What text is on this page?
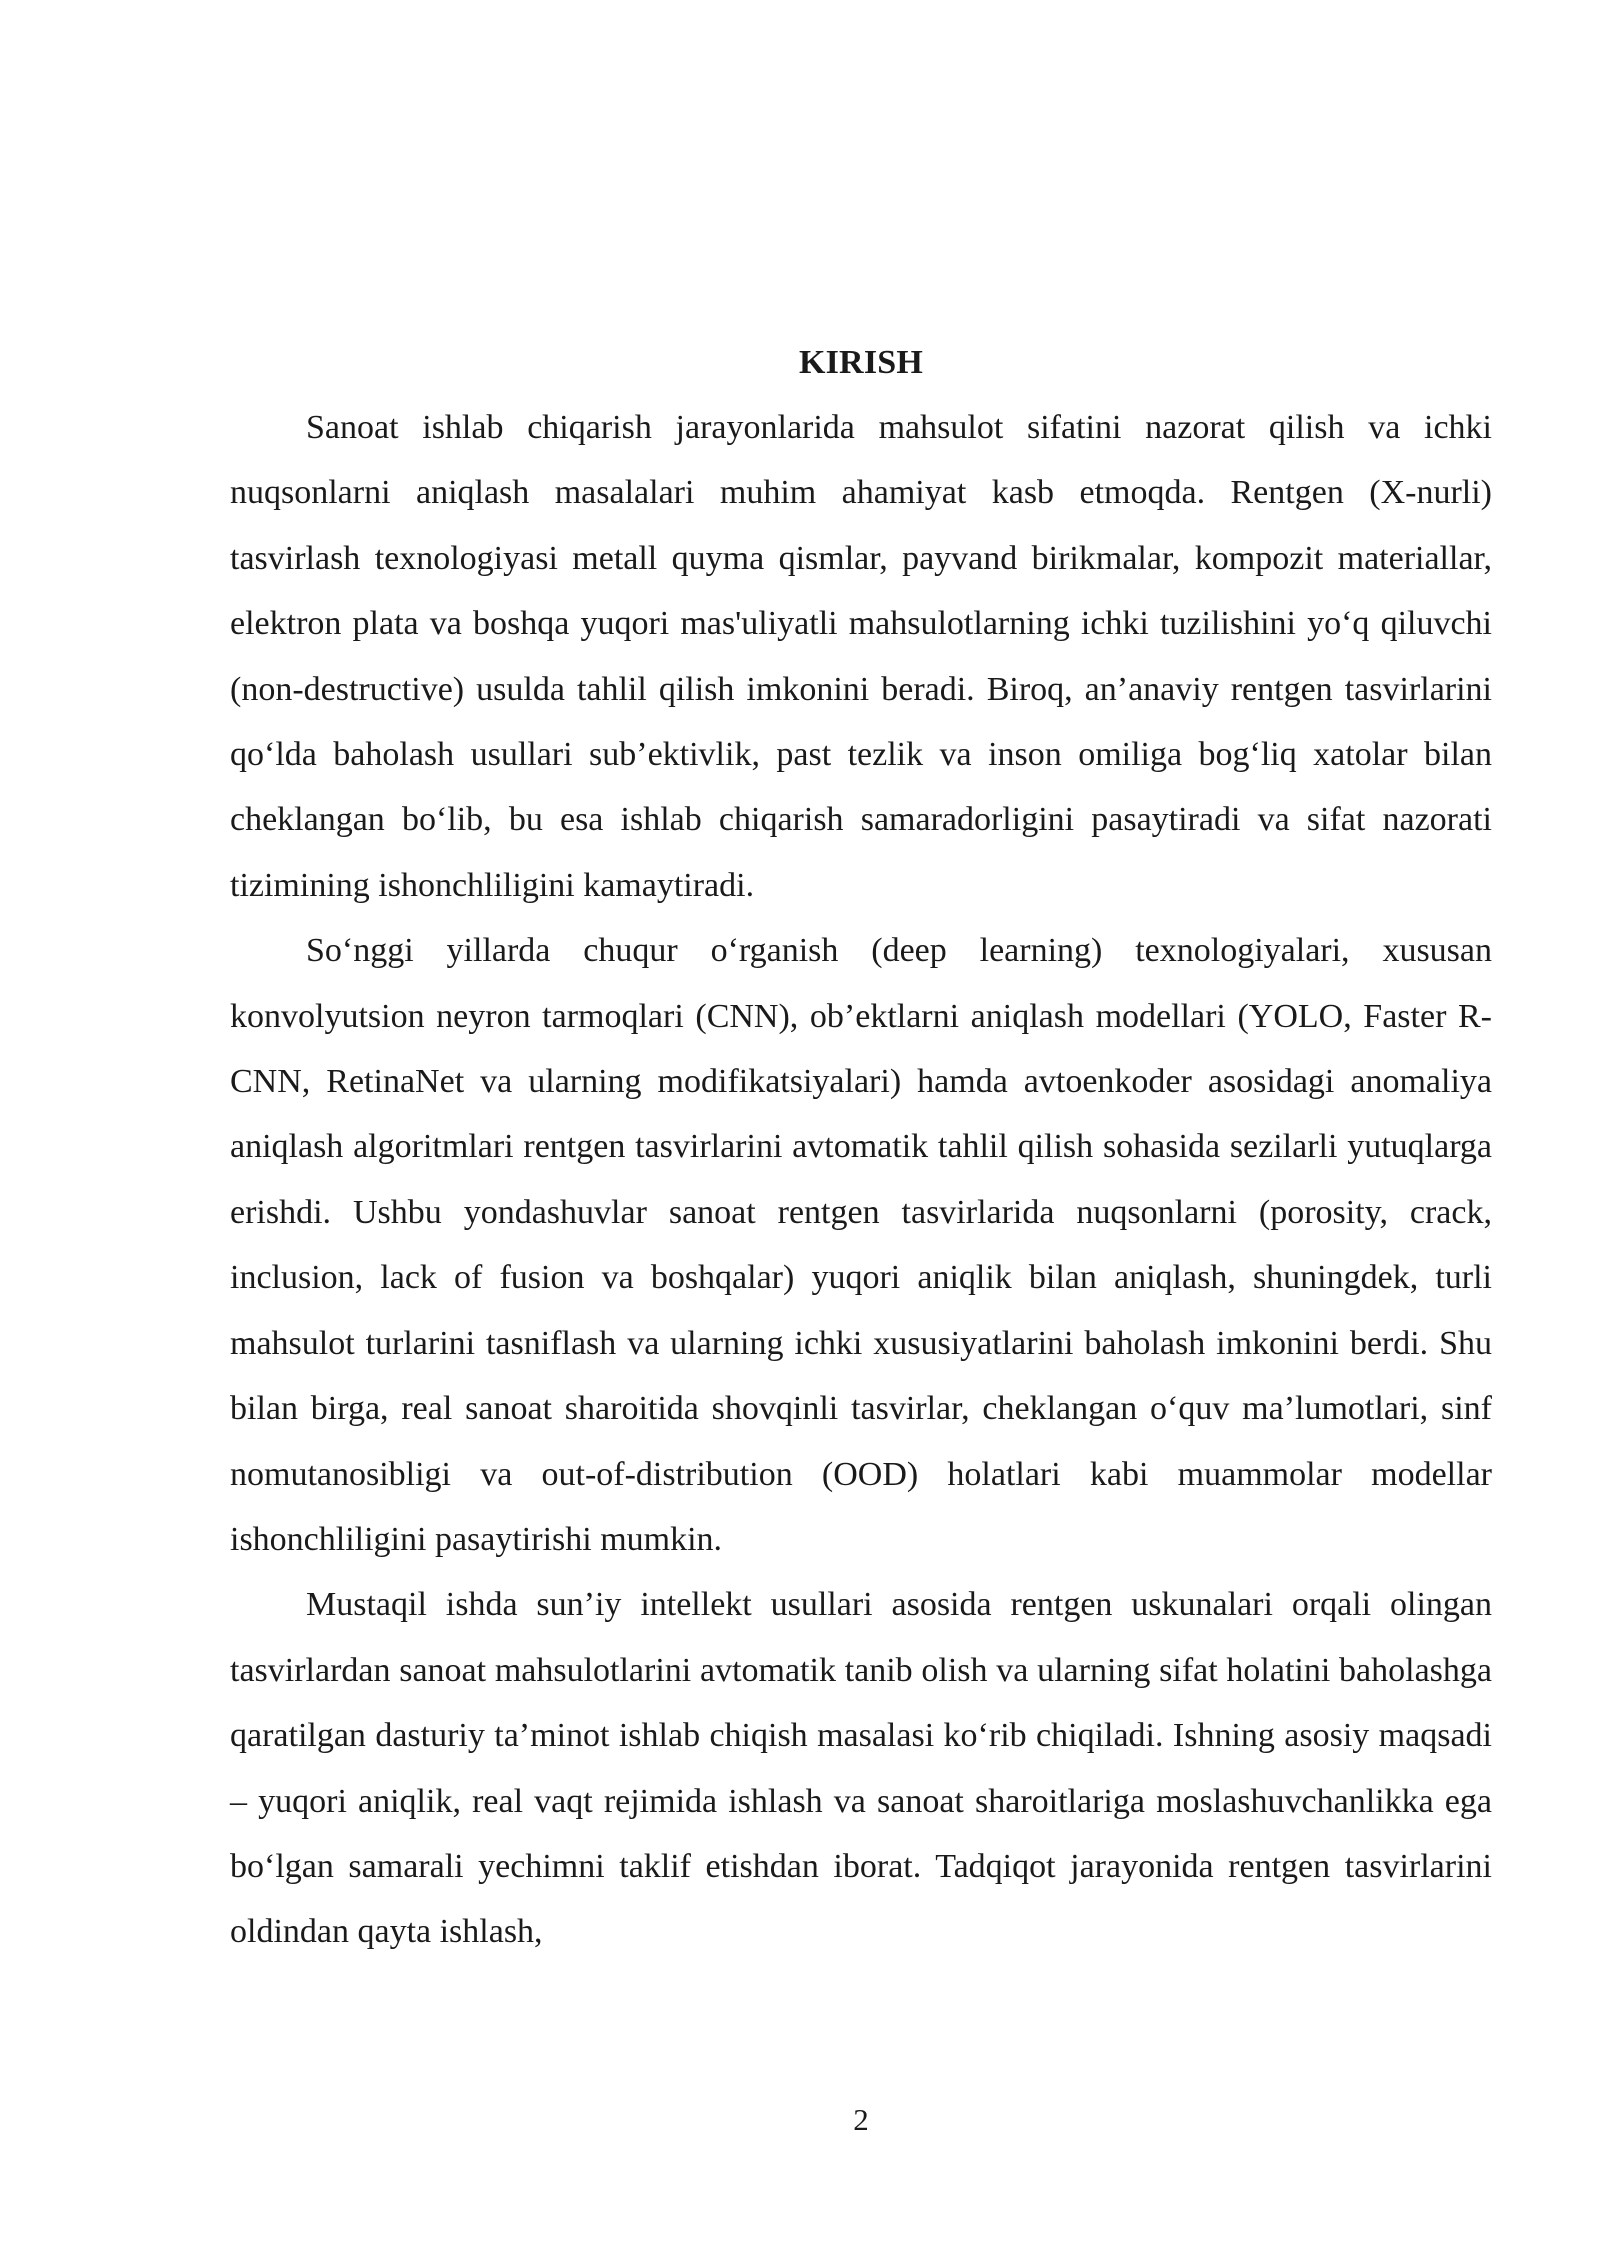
KIRISH

Sanoat ishlab chiqarish jarayonlarida mahsulot sifatini nazorat qilish va ichki nuqsonlarni aniqlash masalalari muhim ahamiyat kasb etmoqda. Rentgen (X-nurli) tasvirlash texnologiyasi metall quyma qismlar, payvand birikmalar, kompozit materiallar, elektron plata va boshqa yuqori mas'uliyatli mahsulotlarning ichki tuzilishini yo‘q qiluvchi (non-destructive) usulda tahlil qilish imkonini beradi. Biroq, an’anaviy rentgen tasvirlarini qo‘lda baholash usullari sub’ektivlik, past tezlik va inson omiliga bog‘liq xatolar bilan cheklangan bo‘lib, bu esa ishlab chiqarish samaradorligini pasaytiradi va sifat nazorati tizimining ishonchliligini kamaytiradi.

So‘nggi yillarda chuqur o‘rganish (deep learning) texnologiyalari, xususan konvolyutsion neyron tarmoqlari (CNN), ob’ektlarni aniqlash modellari (YOLO, Faster R-CNN, RetinaNet va ularning modifikatsiyalari) hamda avtoenkoder asosidagi anomaliya aniqlash algoritmlari rentgen tasvirlarini avtomatik tahlil qilish sohasida sezilarli yutuqlarga erishdi. Ushbu yondashuvlar sanoat rentgen tasvirlarida nuqsonlarni (porosity, crack, inclusion, lack of fusion va boshqalar) yuqori aniqlik bilan aniqlash, shuningdek, turli mahsulot turlarini tasniflash va ularning ichki xususiyatlarini baholash imkonini berdi. Shu bilan birga, real sanoat sharoitida shovqinli tasvirlar, cheklangan o‘quv ma’lumotlari, sinf nomutanosibligi va out-of-distribution (OOD) holatlari kabi muammolar modellar ishonchliligini pasaytirishi mumkin.

Mustaqil ishda sun’iy intellekt usullari asosida rentgen uskunalari orqali olingan tasvirlardan sanoat mahsulotlarini avtomatik tanib olish va ularning sifat holatini baholashga qaratilgan dasturiy ta’minot ishlab chiqish masalasi ko‘rib chiqiladi. Ishning asosiy maqsadi – yuqori aniqlik, real vaqt rejimida ishlash va sanoat sharoitlariga moslashuvchanlikka ega bo‘lgan samarali yechimni taklif etishdan iborat. Tadqiqot jarayonida rentgen tasvirlarini oldindan qayta ishlash,

2
